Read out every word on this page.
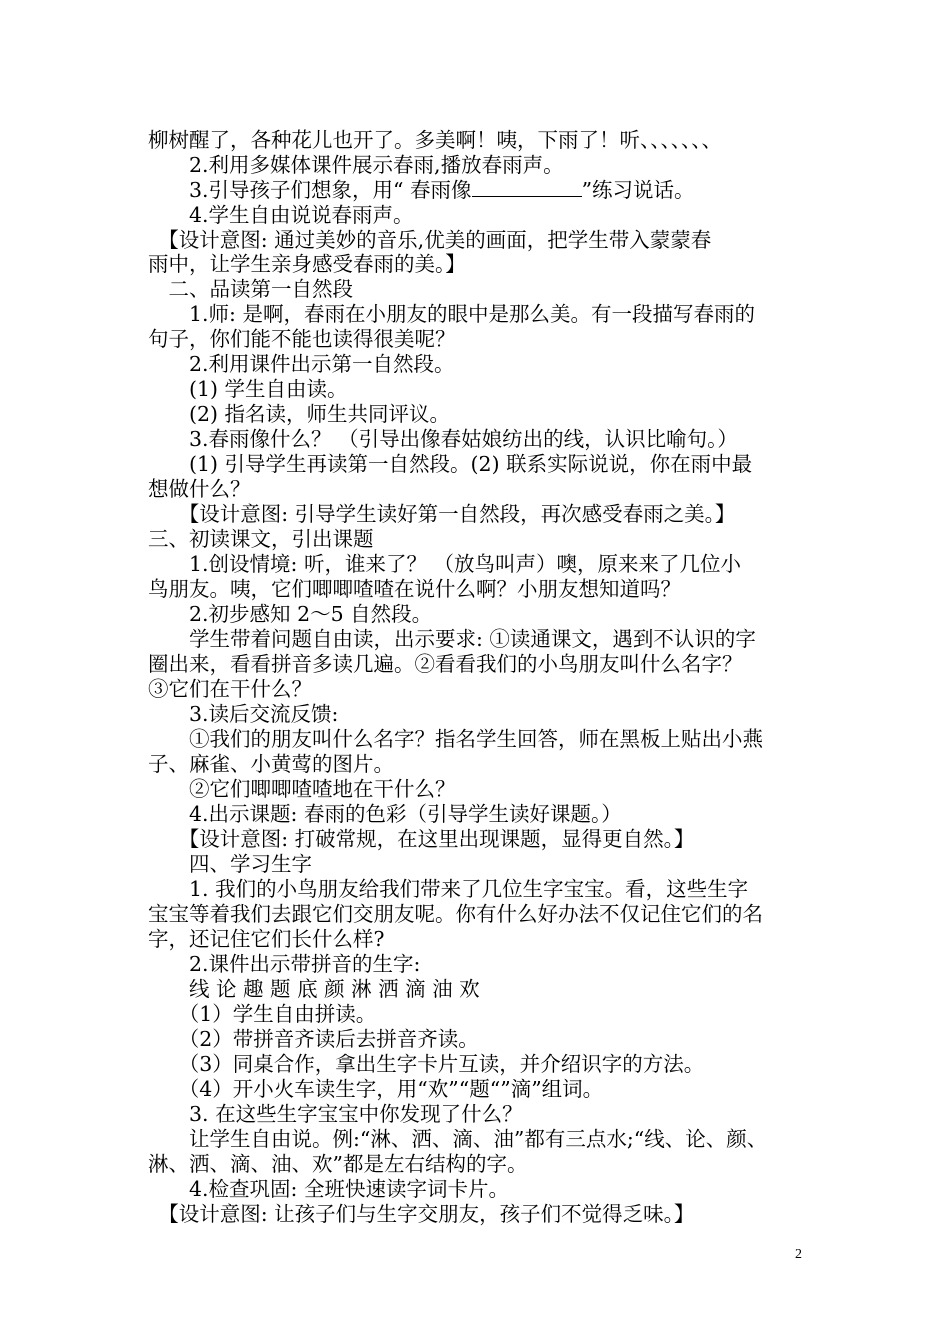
柳树醒了，各种花儿也开了。多美啊！咦，下雨了！听、、、、、、、
　　2.利用多媒体课件展示春雨,播放春雨声。
　　3.引导孩子们想象，用“ 春雨像	”练习说话。
　　4.学生自由说说春雨声。
　【设计意图: 通过美妙的音乐,优美的画面，把学生带入蒙蒙春
雨中，让学生亲身感受春雨的美。】
　二、品读第一自然段
　　1.师: 是啊，春雨在小朋友的眼中是那么美。有一段描写春雨的
句子，你们能不能也读得很美呢？
　　2.利用课件出示第一自然段。
　　(1) 学生自由读。
　　(2) 指名读，师生共同评议。
　　3.春雨像什么？ （引导出像春姑娘纺出的线，认识比喻句。）
　　(1) 引导学生再读第一自然段。(2) 联系实际说说，你在雨中最
想做什么？
　　【设计意图: 引导学生读好第一自然段，再次感受春雨之美。】
三、初读课文，引出课题
　　1.创设情境: 听，谁来了？ （放鸟叫声）噢，原来来了几位小
鸟朋友。咦，它们唧唧喳喳在说什么啊？小朋友想知道吗？
　　2.初步感知 2～5 自然段。
　　学生带着问题自由读，出示要求: ①读通课文，遇到不认识的字
圈出来，看看拼音多读几遍。②看看我们的小鸟朋友叫什么名字？
③它们在干什么？
　　3.读后交流反馈:
　　①我们的朋友叫什么名字？指名学生回答，师在黑板上贴出小燕
子、麻雀、小黄莺的图片。
　　②它们唧唧喳喳地在干什么？
　　4.出示课题: 春雨的色彩（引导学生读好课题。）
　　【设计意图: 打破常规，在这里出现课题，显得更自然。】
　　四、学习生字
　　1. 我们的小鸟朋友给我们带来了几位生字宝宝。看，这些生字
宝宝等着我们去跟它们交朋友呢。你有什么好办法不仅记住它们的名
字，还记住它们长什么样?
　　2.课件出示带拼音的生字:
　　线 论 趣 题 底 颜 淋 洒 滴 油 欢
　　（1）学生自由拼读。
　　（2）带拼音齐读后去拼音齐读。
　　（3）同桌合作，拿出生字卡片互读，并介绍识字的方法。
　　（4）开小火车读生字，用“欢”“题“”滴”组词。
　　3. 在这些生字宝宝中你发现了什么？
　　让学生自由说。例:“淋、洒、滴、油”都有三点水;“线、论、颜、
淋、洒、滴、油、欢”都是左右结构的字。
　　4.检查巩固: 全班快速读字词卡片。
　【设计意图: 让孩子们与生字交朋友，孩子们不觉得乏味。】
2
